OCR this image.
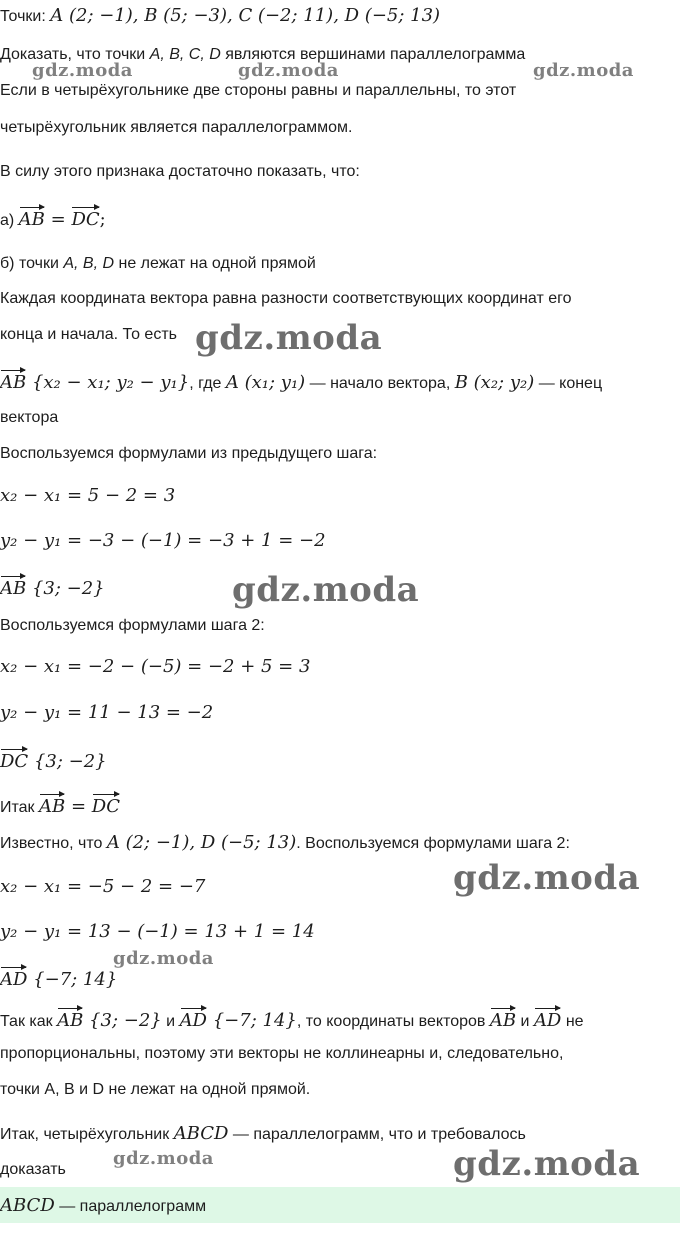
Точки: A (2; −1), B (5; −3), C (−2; 11), D (−5; 13)
Доказать, что точки A, B, C, D являются вершинами параллелограмма
Если в четырёхугольнике две стороны равны и параллельны, то этот
четырёхугольник является параллелограммом.
В силу этого признака достаточно показать, что:
а) AB = DC;
б) точки A, B, D не лежат на одной прямой
Каждая координата вектора равна разности соответствующих координат его
конца и начала. То есть
AB {x₂ − x₁; y₂ − y₁}, где A (x₁; y₁) — начало вектора, B (x₂; y₂) — конец
вектора
Воспользуемся формулами из предыдущего шага:
x₂ − x₁ = 5 − 2 = 3
y₂ − y₁ = −3 − (−1) = −3 + 1 = −2
AB {3; −2}
Воспользуемся формулами шага 2:
x₂ − x₁ = −2 − (−5) = −2 + 5 = 3
y₂ − y₁ = 11 − 13 = −2
DC {3; −2}
Итак AB = DC
Известно, что A (2; −1), D (−5; 13). Воспользуемся формулами шага 2:
x₂ − x₁ = −5 − 2 = −7
y₂ − y₁ = 13 − (−1) = 13 + 1 = 14
AD {−7; 14}
Так как AB {3; −2} и AD {−7; 14}, то координаты векторов AB и AD не
пропорциональны, поэтому эти векторы не коллинеарны и, следовательно,
точки A, B и D не лежат на одной прямой.
Итак, четырёхугольник ABCD — параллелограмм, что и требовалось
доказать
ABCD — параллелограмм
gdz.moda	gdz.moda	gdz.moda
gdz.moda
gdz.moda
gdz.moda
gdz.moda
gdz.moda	gdz.moda
